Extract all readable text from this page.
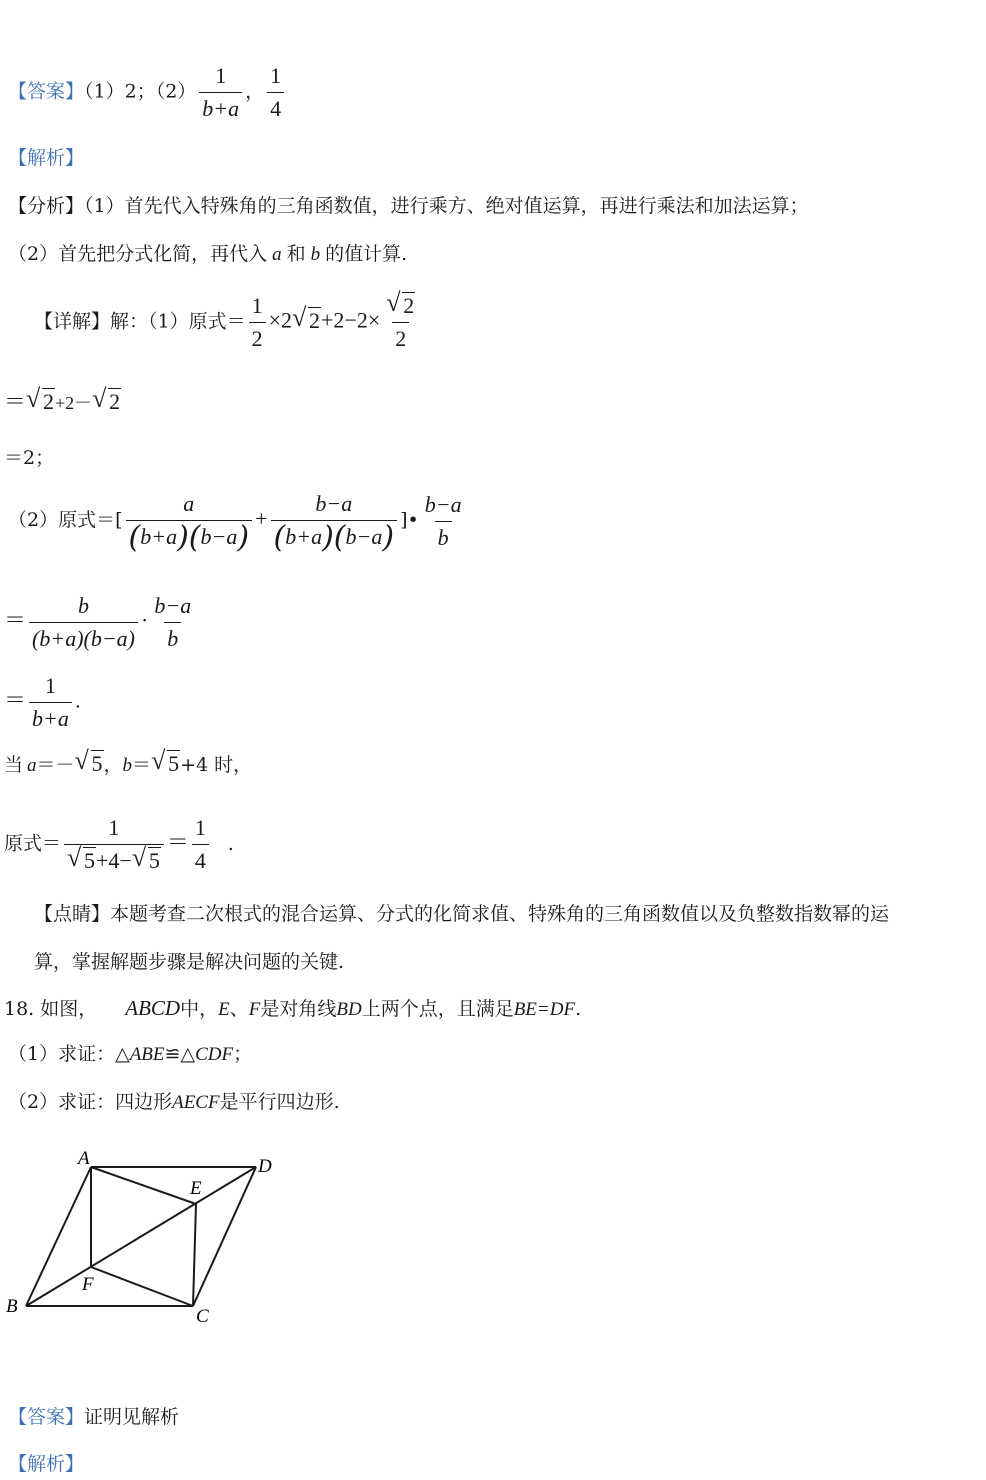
【答案】（1）2；$(2) \frac{1}{b+a}$ ， $\frac{1}{4}$
【解析】
【分析】（1）首先代入特殊角的三角函数值，进行乘方、绝对值运算，再进行乘法和加法运算；
（2）首先把分式化简，再代入 a 和 b 的值计算.
【详解】解：（1）原式＝ $\frac{1}{2} \times 2√$ 2+2−2×
√ $\frac{2}{2}$
＝√ 2+2－√ 2
＝2；
（2）原式＝[ $\frac{a}{(b+a)(b-a)} + \frac{b-a}{(b+a)(b-a)}$ ]• $\frac{b-a}{b}$
＝ $\frac{b}{(b+a)(b-a)} \cdot \frac{b-a}{b}$
＝ $\frac{1}{b+a}$ .
当 a＝－√ 5，b＝√ 5+4 时，
原式＝ 1
√ 5+4−√ $5 = \frac{1}{4}$ .
【点睛】本题考查二次根式的混合运算、分式的化简求值、特殊角的三角函数值以及负整数指数幂的运
算，掌握解题步骤是解决问题的关键.
18. 如图， ABCD中，E、F是对角线BD上两个点，且满足BE=DF.
（1）求证：△ABE≌△CDF；
（2）求证：四边形AECF是平行四边形.
A	D
E
F
B	C
【答案】证明见解析
【解析】
